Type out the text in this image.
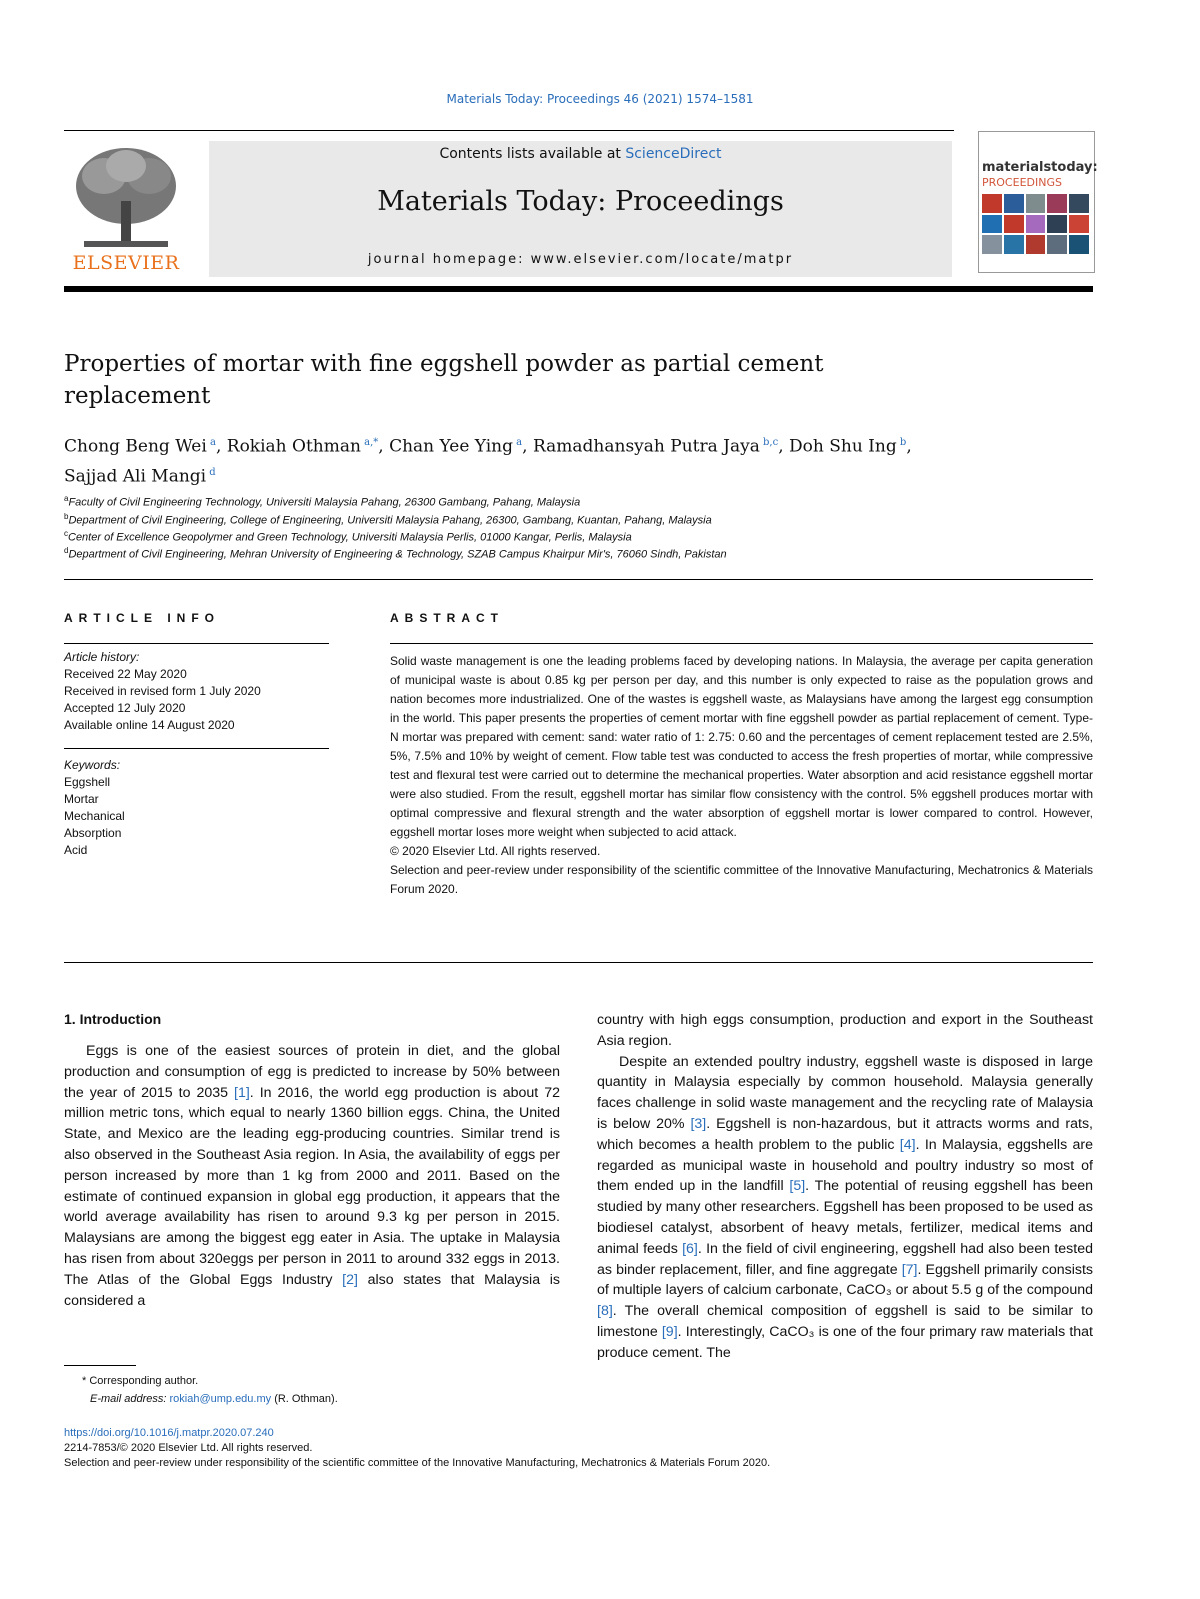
Materials Today: Proceedings 46 (2021) 1574–1581
ELSEVIER
Contents lists available at ScienceDirect
Materials Today: Proceedings
journal homepage: www.elsevier.com/locate/matpr
materialstoday:
PROCEEDINGS
Properties of mortar with fine eggshell powder as partial cement replacement
Chong Beng Wei $^a$, Rokiah Othman $^{a,*}$, Chan Yee Ying $^a$, Ramadhansyah Putra Jaya $^{b,c}$, Doh Shu Ing $^b$,
Sajjad Ali Mangi $^d$
$^a$Faculty of Civil Engineering Technology, Universiti Malaysia Pahang, 26300 Gambang, Pahang, Malaysia
$^b$Department of Civil Engineering, College of Engineering, Universiti Malaysia Pahang, 26300, Gambang, Kuantan, Pahang, Malaysia
$^c$Center of Excellence Geopolymer and Green Technology, Universiti Malaysia Perlis, 01000 Kangar, Perlis, Malaysia
$^d$Department of Civil Engineering, Mehran University of Engineering & Technology, SZAB Campus Khairpur Mir's, 76060 Sindh, Pakistan
ARTICLE INFO
Article history:
Received 22 May 2020
Received in revised form 1 July 2020
Accepted 12 July 2020
Available online 14 August 2020
Keywords:
Eggshell
Mortar
Mechanical
Absorption
Acid
ABSTRACT

Solid waste management is one the leading problems faced by developing nations. In Malaysia, the average per capita generation of municipal waste is about 0.85 kg per person per day, and this number is only expected to raise as the population grows and nation becomes more industrialized. One of the wastes is eggshell waste, as Malaysians have among the largest egg consumption in the world. This paper presents the properties of cement mortar with fine eggshell powder as partial replacement of cement. Type-N mortar was prepared with cement: sand: water ratio of 1: 2.75: 0.60 and the percentages of cement replacement tested are 2.5%, 5%, 7.5% and 10% by weight of cement. Flow table test was conducted to access the fresh properties of mortar, while compressive test and flexural test were carried out to determine the mechanical properties. Water absorption and acid resistance eggshell mortar were also studied. From the result, eggshell mortar has similar flow consistency with the control. 5% eggshell produces mortar with optimal compressive and flexural strength and the water absorption of eggshell mortar is lower compared to control. However, eggshell mortar loses more weight when subjected to acid attack.

© 2020 Elsevier Ltd. All rights reserved.

Selection and peer-review under responsibility of the scientific committee of the Innovative Manufacturing, Mechatronics & Materials Forum 2020.

1. Introduction

Eggs is one of the easiest sources of protein in diet, and the global production and consumption of egg is predicted to increase by 50% between the year of 2015 to 2035 [1]. In 2016, the world egg production is about 72 million metric tons, which equal to nearly 1360 billion eggs. China, the United State, and Mexico are the leading egg-producing countries. Similar trend is also observed in the Southeast Asia region. In Asia, the availability of eggs per person increased by more than 1 kg from 2000 and 2011. Based on the estimate of continued expansion in global egg production, it appears that the world average availability has risen to around 9.3 kg per person in 2015. Malaysians are among the biggest egg eater in Asia. The uptake in Malaysia has risen from about 320eggs per person in 2011 to around 332 eggs in 2013. The Atlas of the Global Eggs Industry [2] also states that Malaysia is considered a

country with high eggs consumption, production and export in the Southeast Asia region.

Despite an extended poultry industry, eggshell waste is disposed in large quantity in Malaysia especially by common household. Malaysia generally faces challenge in solid waste management and the recycling rate of Malaysia is below 20% [3]. Eggshell is non-hazardous, but it attracts worms and rats, which becomes a health problem to the public [4]. In Malaysia, eggshells are regarded as municipal waste in household and poultry industry so most of them ended up in the landfill [5]. The potential of reusing eggshell has been studied by many other researchers. Eggshell has been proposed to be used as biodiesel catalyst, absorbent of heavy metals, fertilizer, medical items and animal feeds [6]. In the field of civil engineering, eggshell had also been tested as binder replacement, filler, and fine aggregate [7]. Eggshell primarily consists of multiple layers of calcium carbonate, CaCO₃ or about 5.5 g of the compound [8]. The overall chemical composition of eggshell is said to be similar to limestone [9]. Interestingly, CaCO₃ is one of the four primary raw materials that produce cement. The

* Corresponding author.
E-mail address: rokiah@ump.edu.my (R. Othman).
https://doi.org/10.1016/j.matpr.2020.07.240
2214-7853/© 2020 Elsevier Ltd. All rights reserved.
Selection and peer-review under responsibility of the scientific committee of the Innovative Manufacturing, Mechatronics & Materials Forum 2020.
